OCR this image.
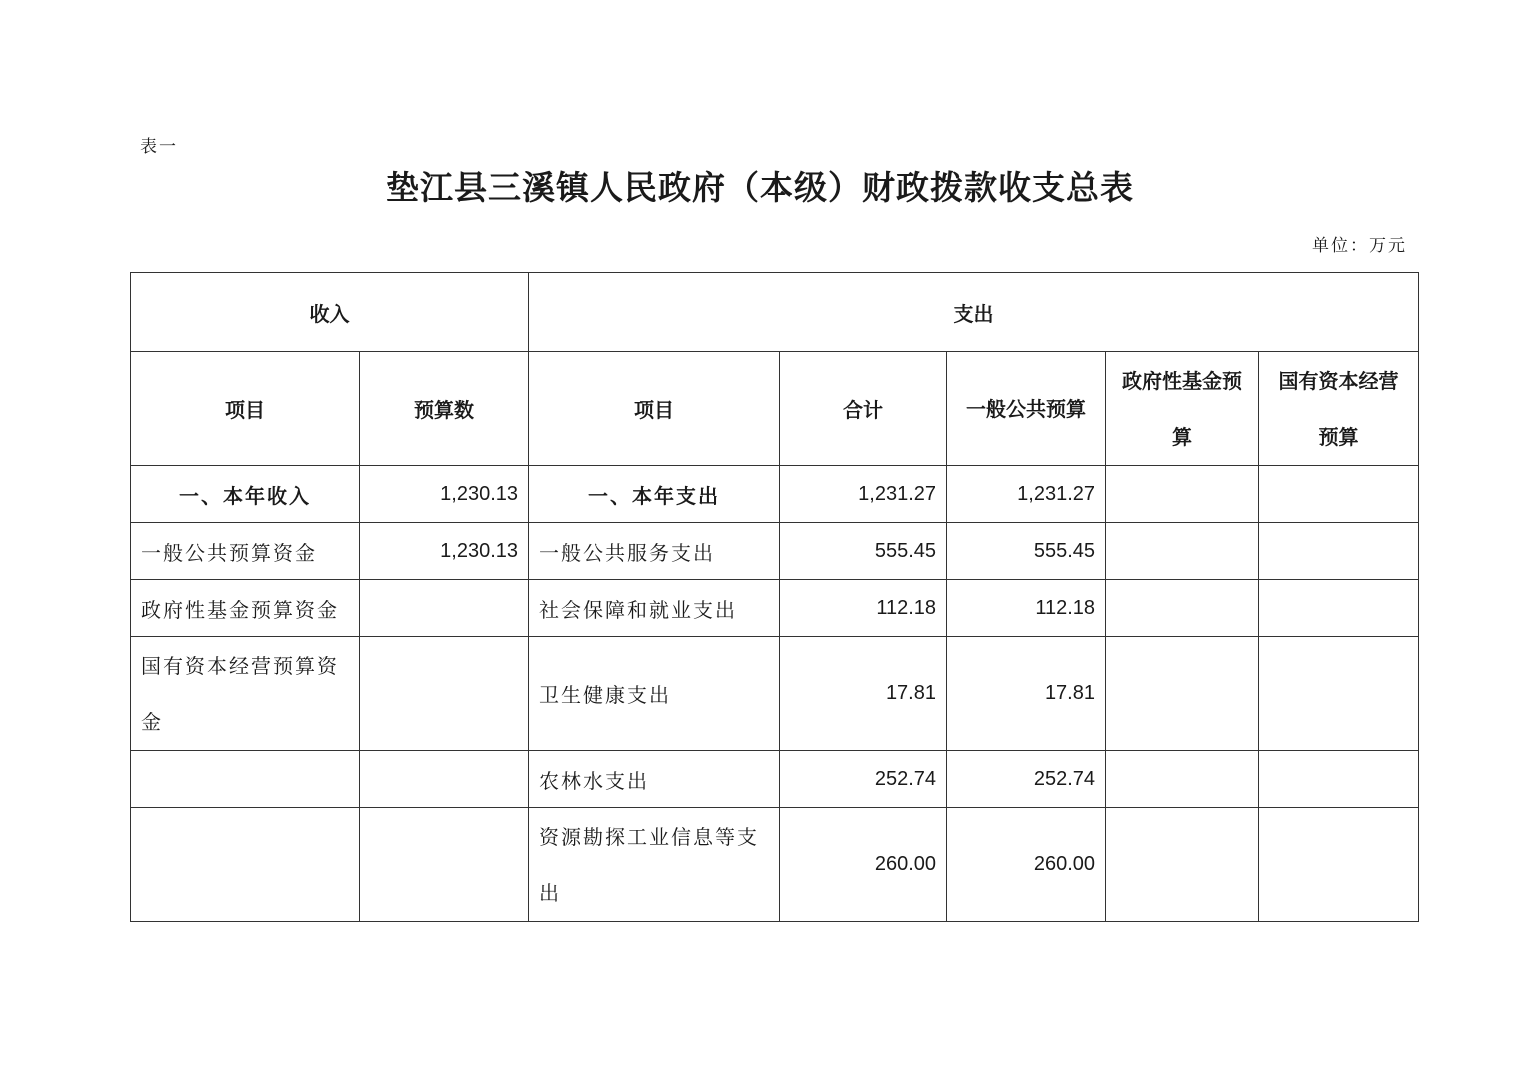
表一
垫江县三溪镇人民政府（本级）财政拨款收支总表
单位：万元
收入		支出				
项目	预算数	项目	合计	一般公共预算	政府性基金预算	国有资本经营预算
一、本年收入	1,230.13	一、本年支出	1,231.27	1,231.27		
一般公共预算资金	1,230.13	一般公共服务支出	555.45	555.45		
政府性基金预算资金		社会保障和就业支出	112.18	112.18		
国有资本经营预算资金		卫生健康支出	17.81	17.81		
		农林水支出	252.74	252.74		
		资源勘探工业信息等支出	260.00	260.00		
